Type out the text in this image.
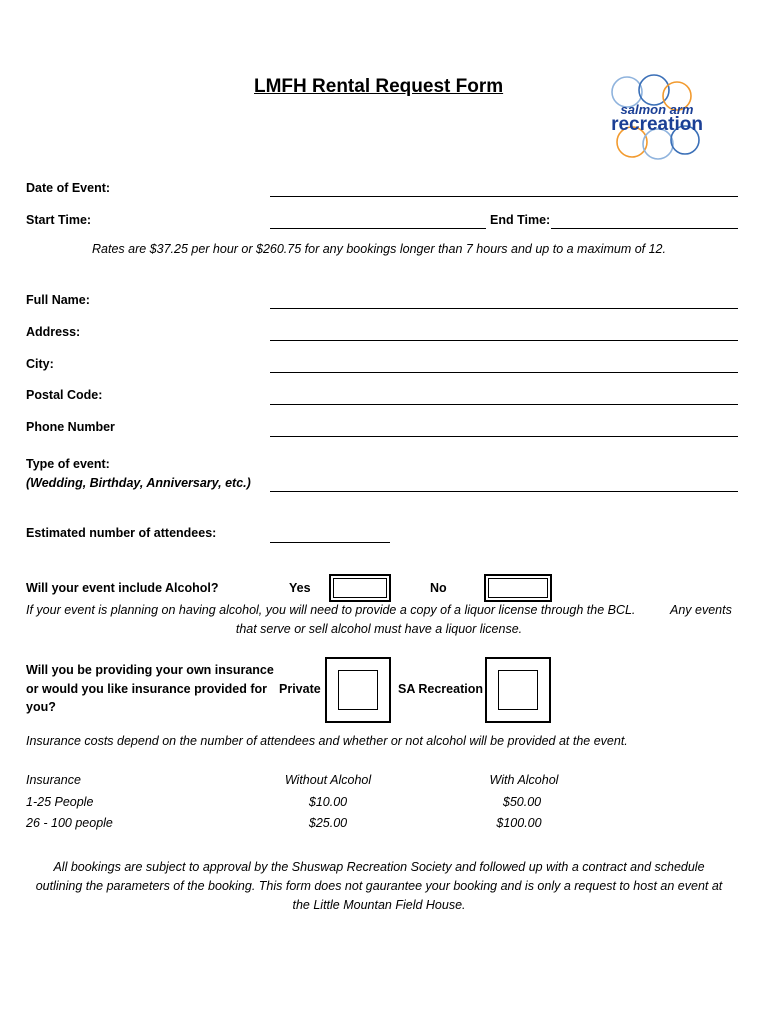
LMFH Rental Request Form
salmon arm
recreation
Date of Event:
Start Time:	End Time:
Rates are $37.25 per hour or $260.75 for any bookings longer than 7 hours and up to a maximum of 12.
Full Name:
Address:
City:
Postal Code:
Phone Number
Type of event:
(Wedding, Birthday, Anniversary, etc.)
Estimated number of attendees:
Will your event include Alcohol?	Yes	No
If your event is planning on having alcohol, you will need to provide a copy of a liquor license through the BCL.	Any events
that serve or sell alcohol must have a liquor license.
Will you be providing your own insurance
or would you like insurance provided for
you?
Private	SA Recreation
Insurance costs depend on the number of attendees and whether or not alcohol will be provided at the event.
Insurance	Without Alcohol	With Alcohol
1-25 People	$10.00	$50.00
26 - 100 people	$25.00	$100.00
All bookings are subject to approval by the Shuswap Recreation Society and followed up with a contract and schedule
outlining the parameters of the booking. This form does not gaurantee your booking and is only a request to host an event at
the Little Mountan Field House.
